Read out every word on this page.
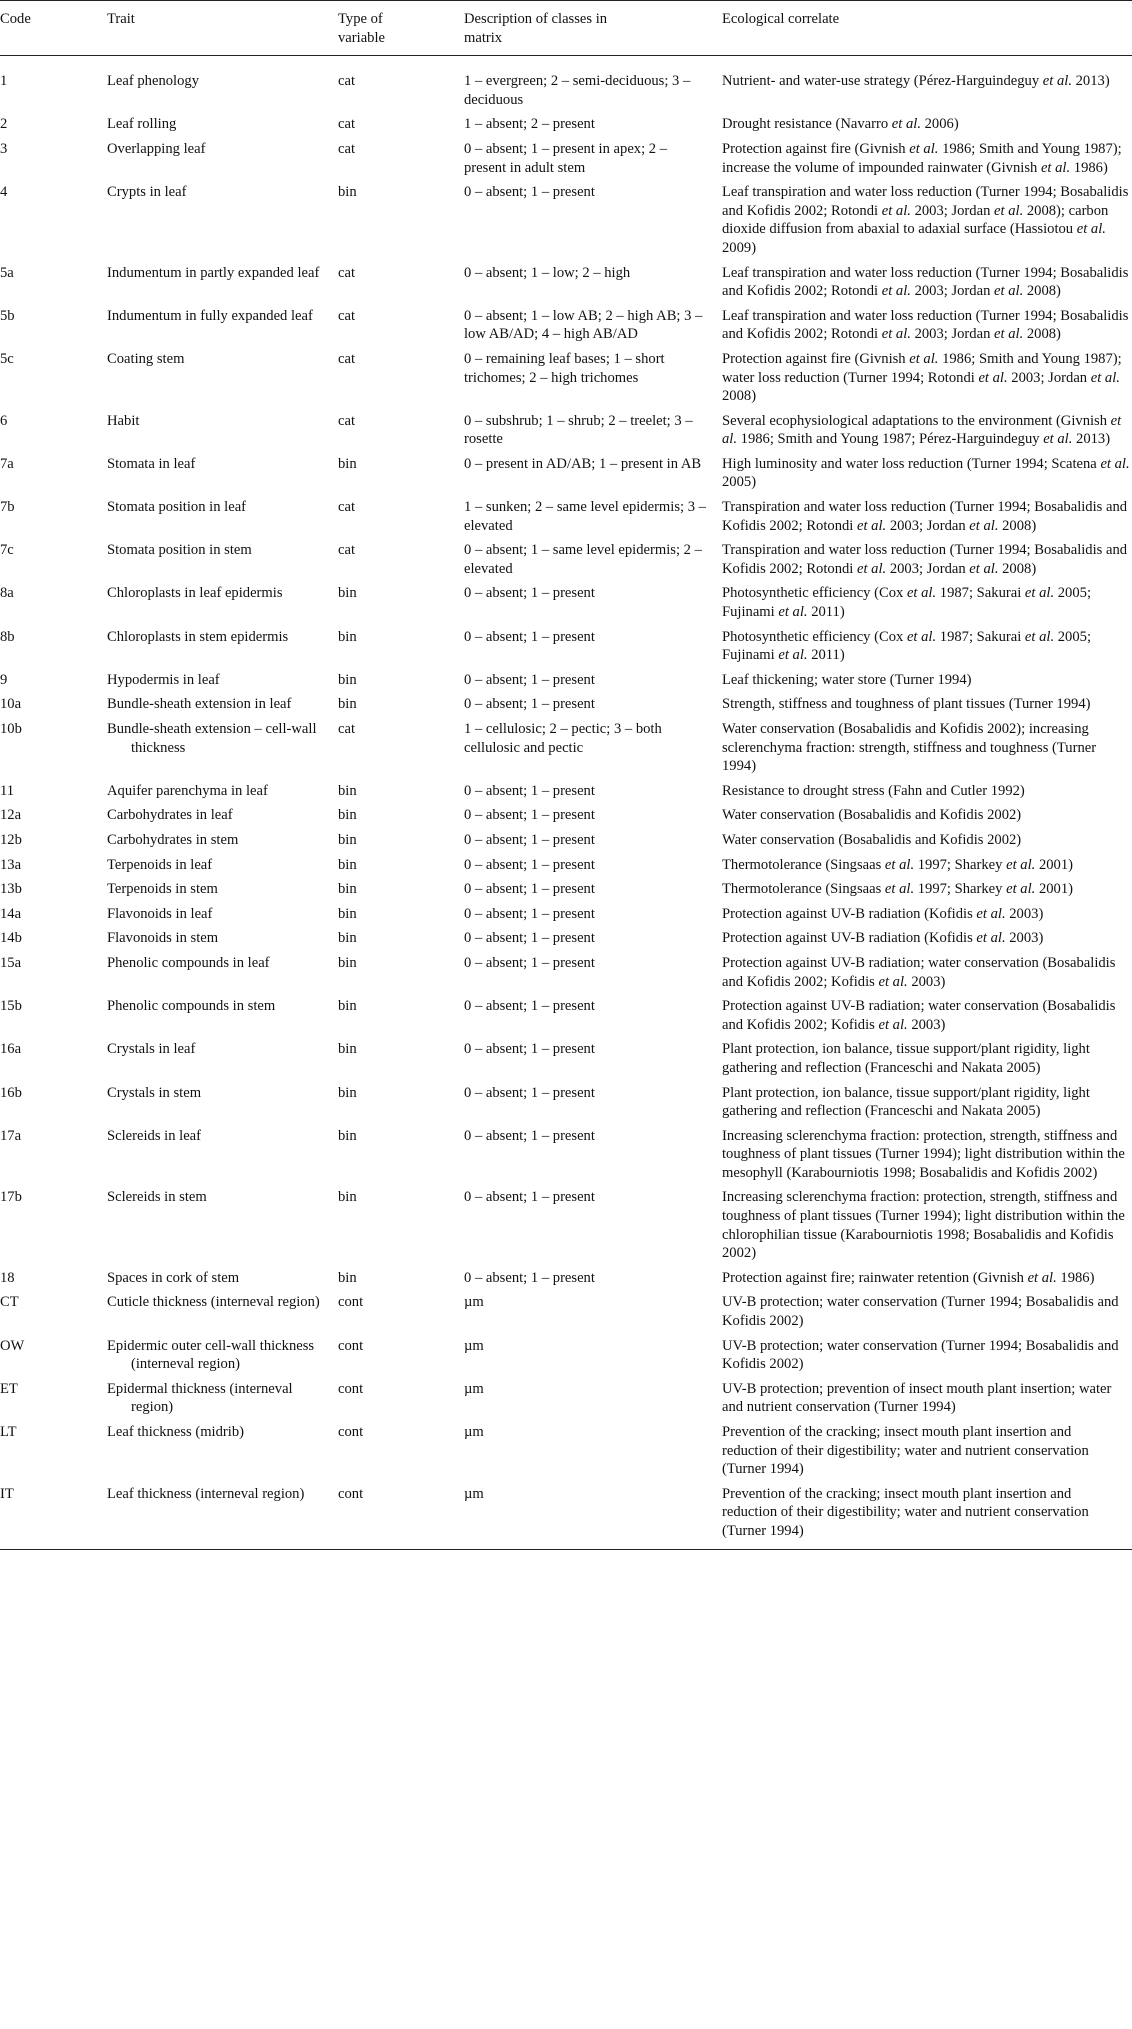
Code	Trait	Type of variable	Description of classes in matrix	Ecological correlate
1	Leaf phenology	cat	1 – evergreen; 2 – semi-deciduous; 3 – deciduous	Nutrient- and water-use strategy (Pérez-Harguindeguy et al. 2013)
2	Leaf rolling	cat	1 – absent; 2 – present	Drought resistance (Navarro et al. 2006)
3	Overlapping leaf	cat	0 – absent; 1 – present in apex; 2 – present in adult stem	Protection against fire (Givnish et al. 1986; Smith and Young 1987); increase the volume of impounded rainwater (Givnish et al. 1986)
4	Crypts in leaf	bin	0 – absent; 1 – present	Leaf transpiration and water loss reduction (Turner 1994; Bosabalidis and Kofidis 2002; Rotondi et al. 2003; Jordan et al. 2008); carbon dioxide diffusion from abaxial to adaxial surface (Hassiotou et al. 2009)
5a	Indumentum in partly expanded leaf	cat	0 – absent; 1 – low; 2 – high	Leaf transpiration and water loss reduction (Turner 1994; Bosabalidis and Kofidis 2002; Rotondi et al. 2003; Jordan et al. 2008)
5b	Indumentum in fully expanded leaf	cat	0 – absent; 1 – low AB; 2 – high AB; 3 – low AB/AD; 4 – high AB/AD	Leaf transpiration and water loss reduction (Turner 1994; Bosabalidis and Kofidis 2002; Rotondi et al. 2003; Jordan et al. 2008)
5c	Coating stem	cat	0 – remaining leaf bases; 1 – short trichomes; 2 – high trichomes	Protection against fire (Givnish et al. 1986; Smith and Young 1987); water loss reduction (Turner 1994; Rotondi et al. 2003; Jordan et al. 2008)
6	Habit	cat	0 – subshrub; 1 – shrub; 2 – treelet; 3 – rosette	Several ecophysiological adaptations to the environment (Givnish et al. 1986; Smith and Young 1987; Pérez-Harguindeguy et al. 2013)
7a	Stomata in leaf	bin	0 – present in AD/AB; 1 – present in AB	High luminosity and water loss reduction (Turner 1994; Scatena et al. 2005)
7b	Stomata position in leaf	cat	1 – sunken; 2 – same level epidermis; 3 – elevated	Transpiration and water loss reduction (Turner 1994; Bosabalidis and Kofidis 2002; Rotondi et al. 2003; Jordan et al. 2008)
7c	Stomata position in stem	cat	0 – absent; 1 – same level epidermis; 2 – elevated	Transpiration and water loss reduction (Turner 1994; Bosabalidis and Kofidis 2002; Rotondi et al. 2003; Jordan et al. 2008)
8a	Chloroplasts in leaf epidermis	bin	0 – absent; 1 – present	Photosynthetic efficiency (Cox et al. 1987; Sakurai et al. 2005; Fujinami et al. 2011)
8b	Chloroplasts in stem epidermis	bin	0 – absent; 1 – present	Photosynthetic efficiency (Cox et al. 1987; Sakurai et al. 2005; Fujinami et al. 2011)
9	Hypodermis in leaf	bin	0 – absent; 1 – present	Leaf thickening; water store (Turner 1994)
10a	Bundle-sheath extension in leaf	bin	0 – absent; 1 – present	Strength, stiffness and toughness of plant tissues (Turner 1994)
10b	Bundle-sheath extension – cell-wall thickness	cat	1 – cellulosic; 2 – pectic; 3 – both cellulosic and pectic	Water conservation (Bosabalidis and Kofidis 2002); increasing sclerenchyma fraction: strength, stiffness and toughness (Turner 1994)
11	Aquifer parenchyma in leaf	bin	0 – absent; 1 – present	Resistance to drought stress (Fahn and Cutler 1992)
12a	Carbohydrates in leaf	bin	0 – absent; 1 – present	Water conservation (Bosabalidis and Kofidis 2002)
12b	Carbohydrates in stem	bin	0 – absent; 1 – present	Water conservation (Bosabalidis and Kofidis 2002)
13a	Terpenoids in leaf	bin	0 – absent; 1 – present	Thermotolerance (Singsaas et al. 1997; Sharkey et al. 2001)
13b	Terpenoids in stem	bin	0 – absent; 1 – present	Thermotolerance (Singsaas et al. 1997; Sharkey et al. 2001)
14a	Flavonoids in leaf	bin	0 – absent; 1 – present	Protection against UV-B radiation (Kofidis et al. 2003)
14b	Flavonoids in stem	bin	0 – absent; 1 – present	Protection against UV-B radiation (Kofidis et al. 2003)
15a	Phenolic compounds in leaf	bin	0 – absent; 1 – present	Protection against UV-B radiation; water conservation (Bosabalidis and Kofidis 2002; Kofidis et al. 2003)
15b	Phenolic compounds in stem	bin	0 – absent; 1 – present	Protection against UV-B radiation; water conservation (Bosabalidis and Kofidis 2002; Kofidis et al. 2003)
16a	Crystals in leaf	bin	0 – absent; 1 – present	Plant protection, ion balance, tissue support/plant rigidity, light gathering and reflection (Franceschi and Nakata 2005)
16b	Crystals in stem	bin	0 – absent; 1 – present	Plant protection, ion balance, tissue support/plant rigidity, light gathering and reflection (Franceschi and Nakata 2005)
17a	Sclereids in leaf	bin	0 – absent; 1 – present	Increasing sclerenchyma fraction: protection, strength, stiffness and toughness of plant tissues (Turner 1994); light distribution within the mesophyll (Karabourniotis 1998; Bosabalidis and Kofidis 2002)
17b	Sclereids in stem	bin	0 – absent; 1 – present	Increasing sclerenchyma fraction: protection, strength, stiffness and toughness of plant tissues (Turner 1994); light distribution within the chlorophilian tissue (Karabourniotis 1998; Bosabalidis and Kofidis 2002)
18	Spaces in cork of stem	bin	0 – absent; 1 – present	Protection against fire; rainwater retention (Givnish et al. 1986)
CT	Cuticle thickness (interneval region)	cont	µm	UV-B protection; water conservation (Turner 1994; Bosabalidis and Kofidis 2002)
OW	Epidermic outer cell-wall thickness (interneval region)	cont	µm	UV-B protection; water conservation (Turner 1994; Bosabalidis and Kofidis 2002)
ET	Epidermal thickness (interneval region)	cont	µm	UV-B protection; prevention of insect mouth plant insertion; water and nutrient conservation (Turner 1994)
LT	Leaf thickness (midrib)	cont	µm	Prevention of the cracking; insect mouth plant insertion and reduction of their digestibility; water and nutrient conservation (Turner 1994)
IT	Leaf thickness (interneval region)	cont	µm	Prevention of the cracking; insect mouth plant insertion and reduction of their digestibility; water and nutrient conservation (Turner 1994)
